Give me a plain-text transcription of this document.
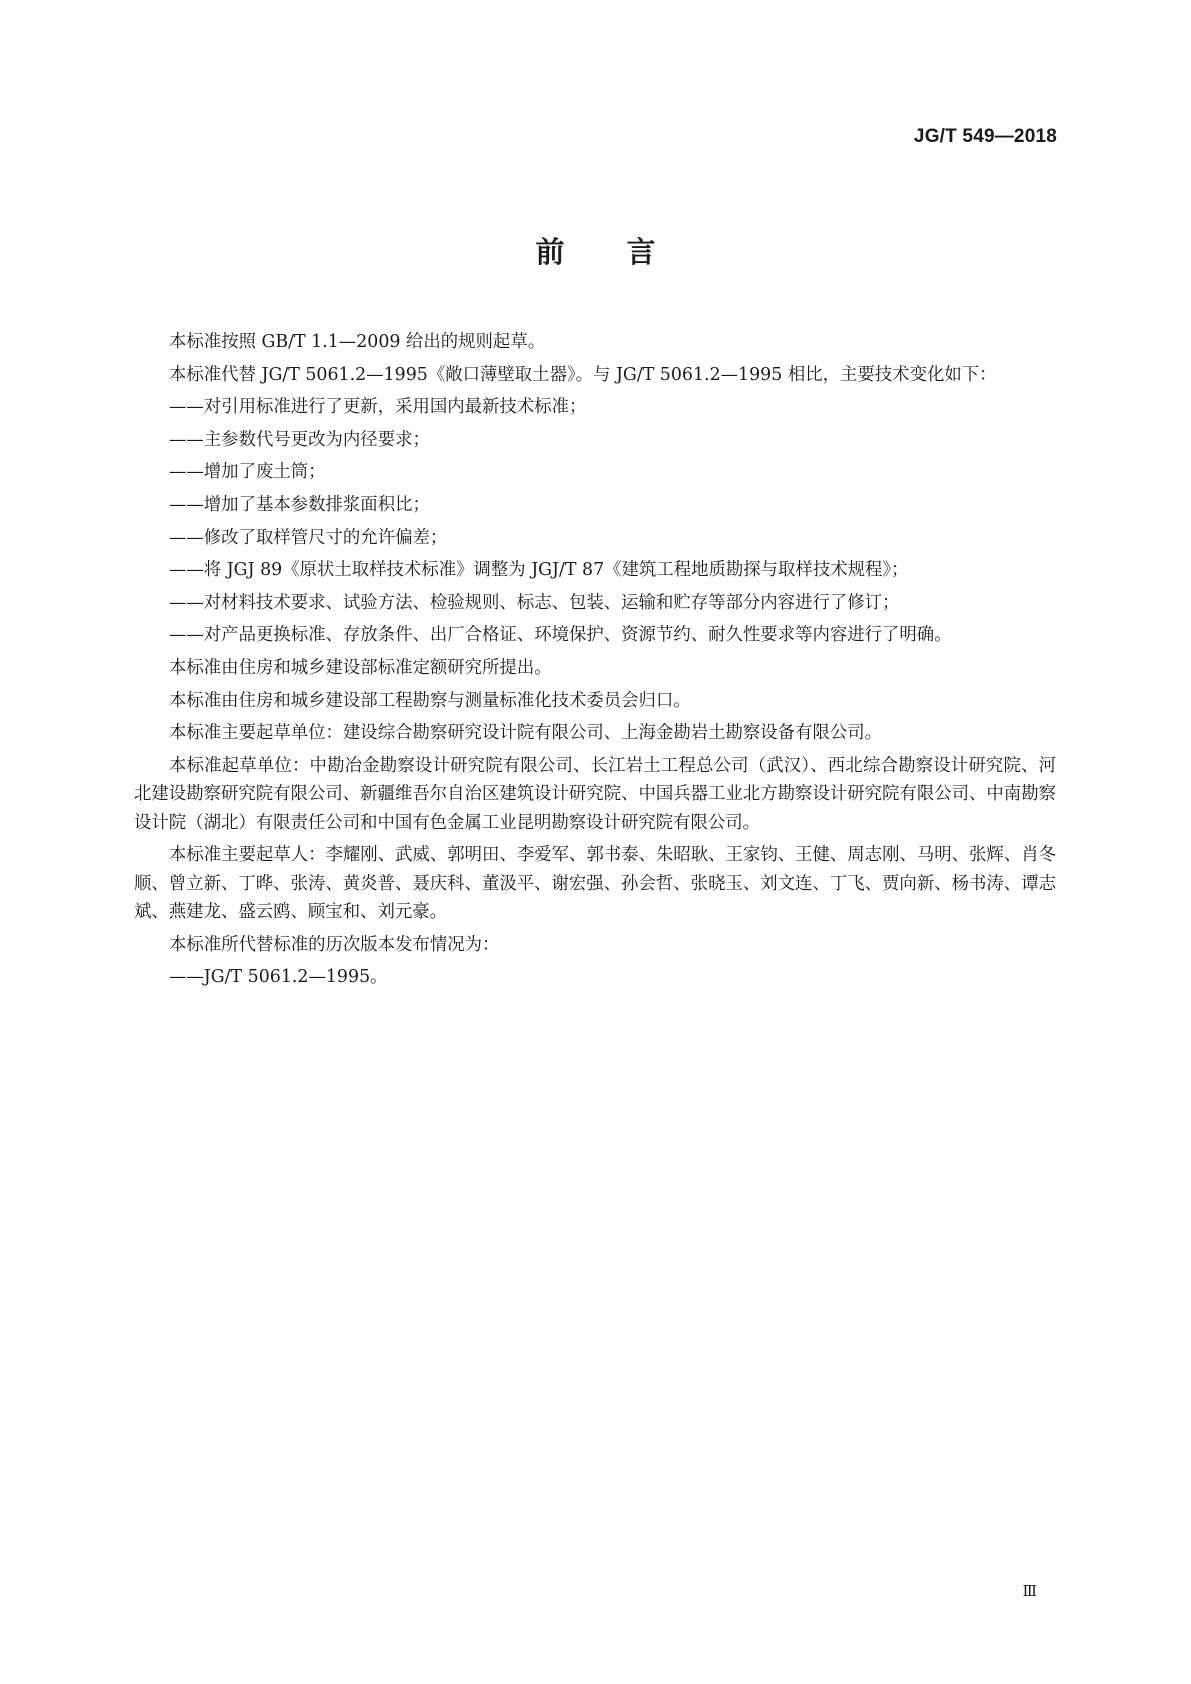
JG/T 549—2018
前言

本标准按照 GB/T 1.1—2009 给出的规则起草。

本标准代替 JG/T 5061.2—1995《敞口薄壁取土器》。与 JG/T 5061.2—1995 相比，主要技术变化如下：

——对引用标准进行了更新，采用国内最新技术标准；

——主参数代号更改为内径要求；

——增加了废土筒；

——增加了基本参数排浆面积比；

——修改了取样管尺寸的允许偏差；

——将 JGJ 89《原状土取样技术标准》调整为 JGJ/T 87《建筑工程地质勘探与取样技术规程》；

——对材料技术要求、试验方法、检验规则、标志、包装、运输和贮存等部分内容进行了修订；

——对产品更换标准、存放条件、出厂合格证、环境保护、资源节约、耐久性要求等内容进行了明确。

本标准由住房和城乡建设部标准定额研究所提出。

本标准由住房和城乡建设部工程勘察与测量标准化技术委员会归口。

本标准主要起草单位：建设综合勘察研究设计院有限公司、上海金勘岩土勘察设备有限公司。

本标准起草单位：中勘冶金勘察设计研究院有限公司、长江岩土工程总公司（武汉）、西北综合勘察设计研究院、河北建设勘察研究院有限公司、新疆维吾尔自治区建筑设计研究院、中国兵器工业北方勘察设计研究院有限公司、中南勘察设计院（湖北）有限责任公司和中国有色金属工业昆明勘察设计研究院有限公司。

本标准主要起草人：李耀刚、武威、郭明田、李爱军、郭书泰、朱昭耿、王家钧、王健、周志刚、马明、张辉、肖冬顺、曾立新、丁晔、张涛、黄炎普、聂庆科、董汲平、谢宏强、孙会哲、张晓玉、刘文连、丁飞、贾向新、杨书涛、谭志斌、燕建龙、盛云鸥、顾宝和、刘元豪。

本标准所代替标准的历次版本发布情况为：

——JG/T 5061.2—1995。

Ⅲ
